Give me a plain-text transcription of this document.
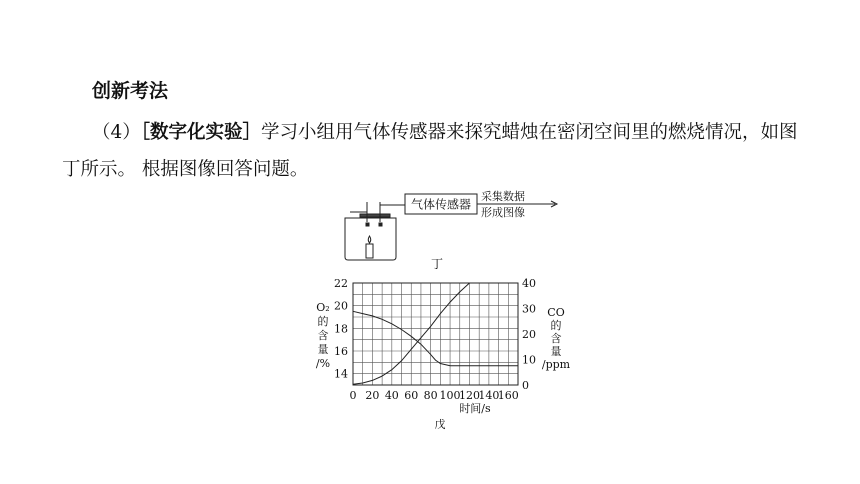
创新考法
（4）［数字化实验］学习小组用气体传感器来探究蜡烛在密闭空间里的燃烧情况，如图丁所示。 根据图像回答问题。
气体传感器
采集数据
形成图像
丁
14
16
18
20
22
0
10
20
30
40
0 20 40 60 80 100
120
140
160
O₂
的
含
量
/%
CO
的
含
量
/ppm
时间/s
戊
